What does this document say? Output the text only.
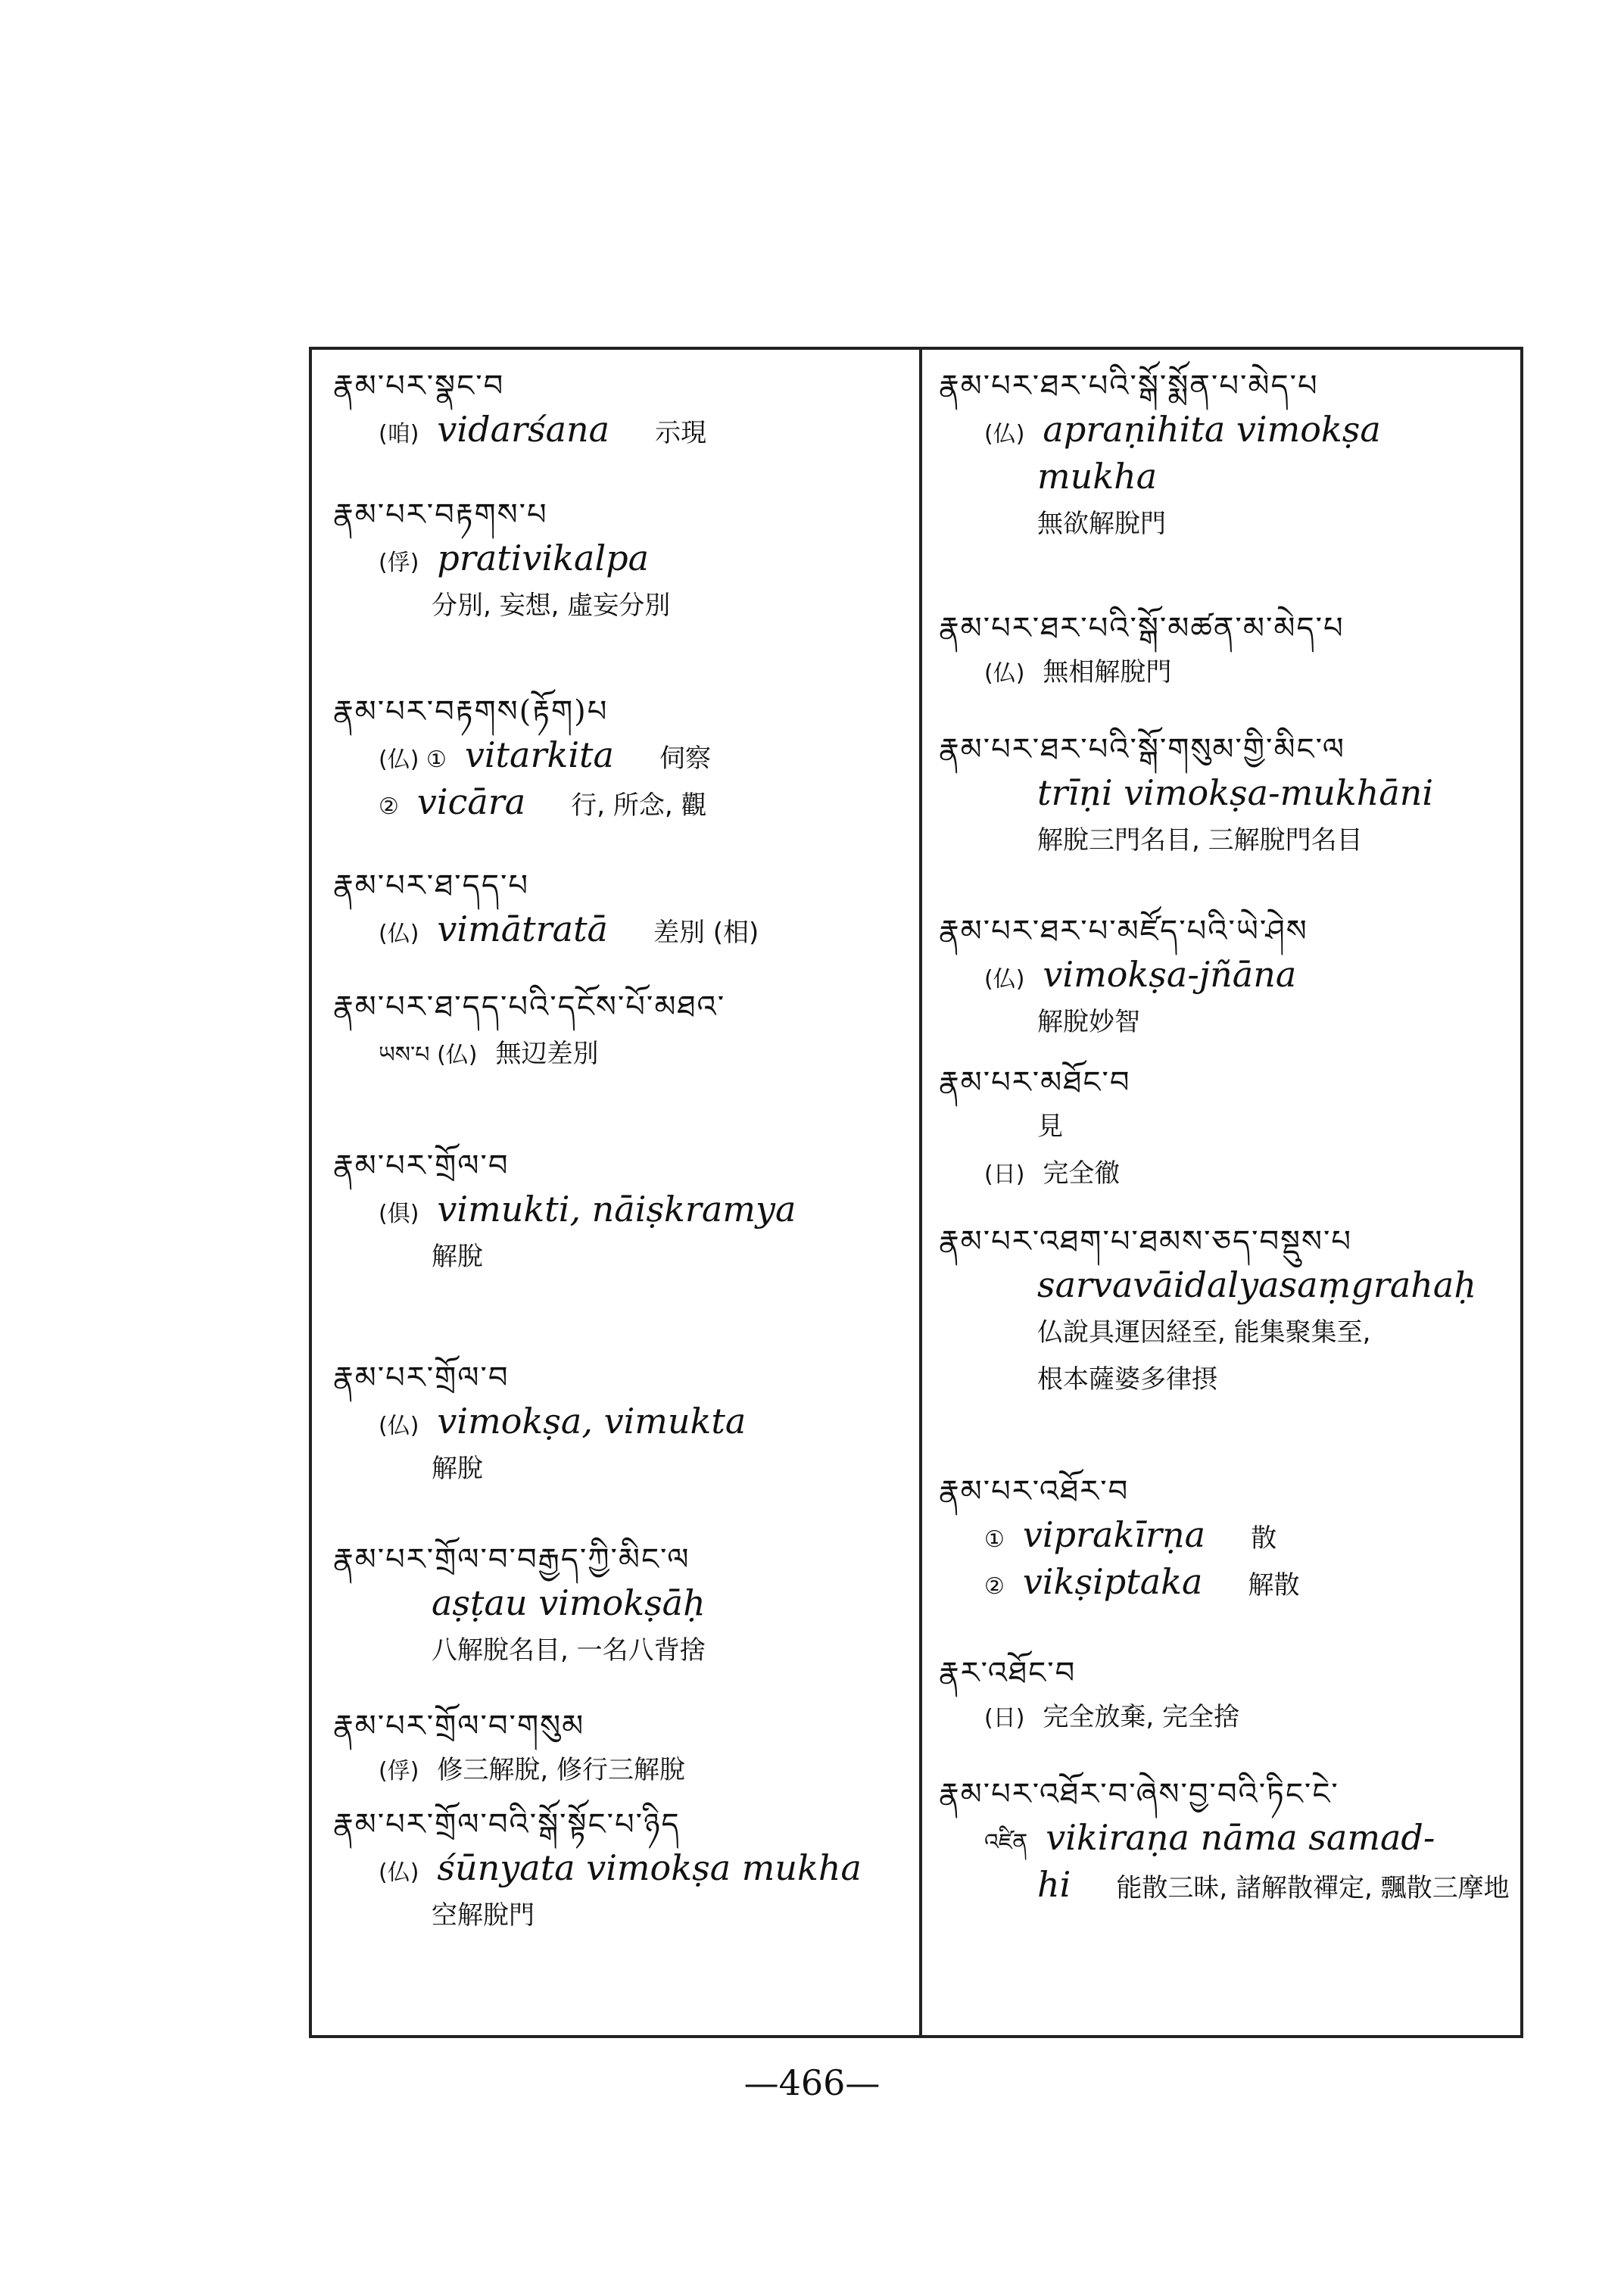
རྣམ་པར་སྣང་བ
(咱) vidarśana 示現
རྣམ་པར་བརྟགས་པ
(俘) prativikalpa
分別, 妄想, 虛妄分別
རྣམ་པར་བརྟགས(རྟོག)པ
(仏) ① vitarkita 伺察
② vicāra 行, 所念, 觀
རྣམ་པར་ཐ་དད་པ
(仏) vimātratā 差別 (相)
རྣམ་པར་ཐ་དད་པའི་དངོས་པོ་མཐའ་
ཡས་པ (仏) 無辺差別
རྣམ་པར་གྲོལ་བ
(俱) vimukti, nāiṣkramya
解脫
རྣམ་པར་གྲོལ་བ
(仏) vimokṣa, vimukta
解脫
རྣམ་པར་གྲོལ་བ་བརྒྱད་ཀྱི་མིང་ལ
aṣṭau vimokṣāḥ
八解脫名目, 一名八背捨
རྣམ་པར་གྲོལ་བ་གསུམ
(俘) 修三解脫, 修行三解脫
རྣམ་པར་གྲོལ་བའི་སྒོ་སྟོང་པ་ཉིད
(仏) śūnyata vimokṣa mukha
空解脫門
རྣམ་པར་ཐར་པའི་སྒོ་སྨོན་པ་མེད་པ
(仏) apraṇihita vimokṣa
mukha
無欲解脫門
རྣམ་པར་ཐར་པའི་སྒོ་མཚན་མ་མེད་པ
(仏) 無相解脫門
རྣམ་པར་ཐར་པའི་སྒོ་གསུམ་གྱི་མིང་ལ
trīṇi vimokṣa-mukhāni
解脫三門名目, 三解脫門名目
རྣམ་པར་ཐར་པ་མཛོད་པའི་ཡེ་ཤེས
(仏) vimokṣa-jñāna
解脫妙智
རྣམ་པར་མཐོང་བ
見
(日) 完全徹
རྣམ་པར་འཐག་པ་ཐམས་ཅད་བསྡུས་པ
sarvavāidalyasaṃgrahaḥ
仏說具運因経至, 能集聚集至,
根本薩婆多律摂
རྣམ་པར་འཐོར་བ
① viprakīrṇa 散
② vikṣiptaka 解散
རྣར་འཐོང་བ
(日) 完全放棄, 完全捨
རྣམ་པར་འཐོར་བ་ཞེས་བྱ་བའི་ཏིང་ངེ་
འཛིན vikiraṇa nāma samad-
hi 能散三昧, 諸解散禪定, 飄散三摩地
—466—
